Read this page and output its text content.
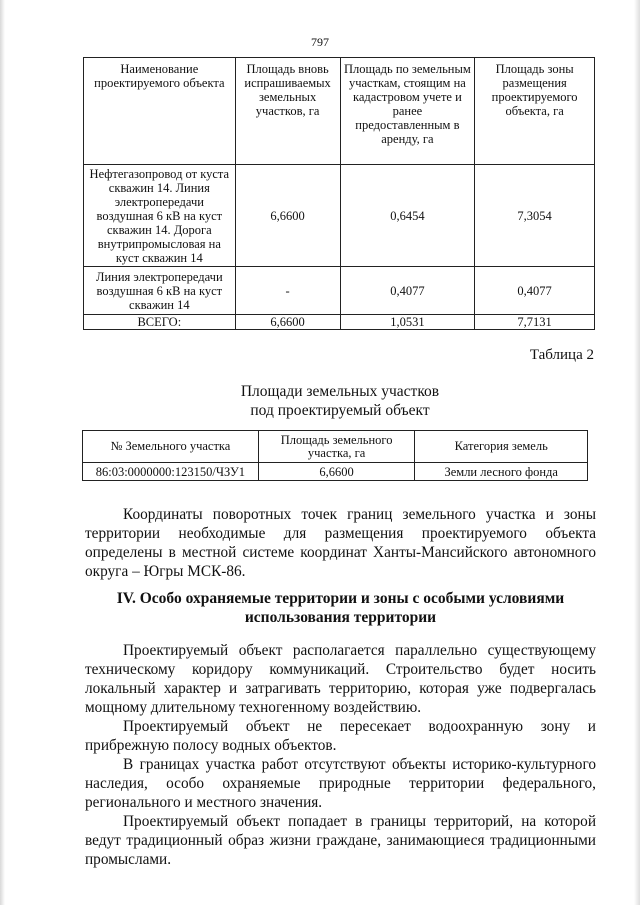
797
Наименование проектируемого объекта	Площадь вновь испрашиваемых земельных участков, га	Площадь по земельным участкам, стоящим на кадастровом учете и ранее предоставленным в аренду, га	Площадь зоны размещения проектируемого объекта, га
Нефтегазопровод от куста скважин 14. Линия электропередачи воздушная 6 кВ на куст скважин 14. Дорога внутрипромысловая на куст скважин 14	6,6600	0,6454	7,3054
Линия электропередачи воздушная 6 кВ на куст скважин 14	-	0,4077	0,4077
ВСЕГО:	6,6600	1,0531	7,7131
Таблица 2
Площади земельных участков
под проектируемый объект
№ Земельного участка	Площадь земельного участка, га	Категория земель
86:03:0000000:123150/ЧЗУ1	6,6600	Земли лесного фонда
Координаты поворотных точек границ земельного участка и зоны территории необходимые для размещения проектируемого объекта определены в местной системе координат Ханты-Мансийского автономного округа – Югры МСК-86.
IV. Особо охраняемые территории и зоны с особыми условиями использования территории
Проектируемый объект располагается параллельно существующему техническому коридору коммуникаций. Строительство будет носить локальный характер и затрагивать территорию, которая уже подвергалась мощному длительному техногенному воздействию.
Проектируемый объект не пересекает водоохранную зону и прибрежную полосу водных объектов.
В границах участка работ отсутствуют объекты историко-культурного наследия, особо охраняемые природные территории федерального, регионального и местного значения.
Проектируемый объект попадает в границы территорий, на которой ведут традиционный образ жизни граждане, занимающиеся традиционными промыслами.
